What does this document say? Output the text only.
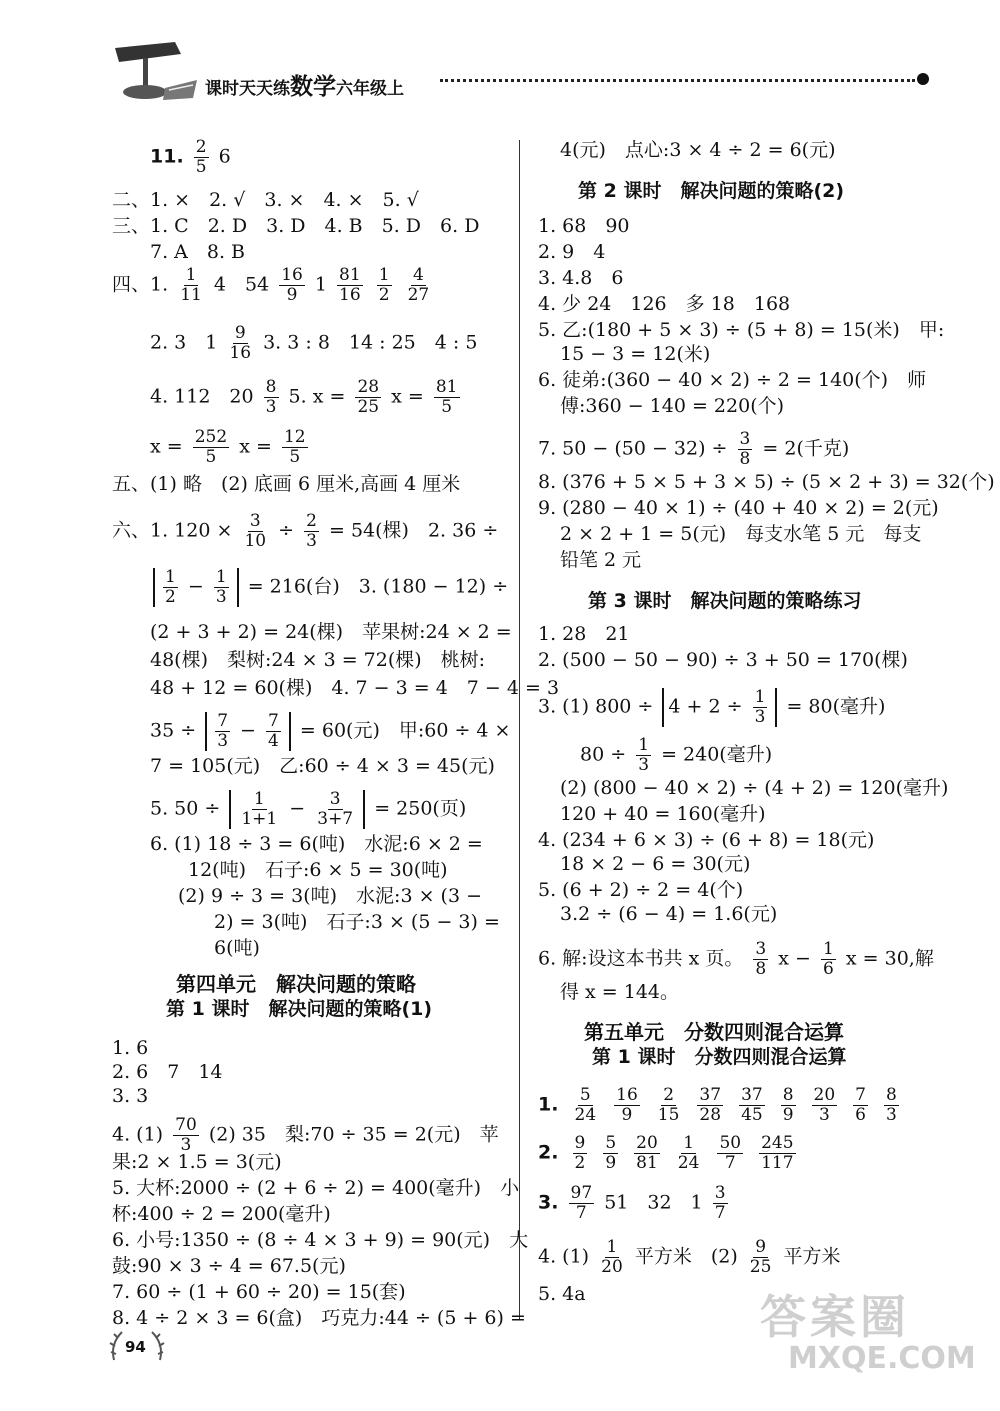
课时天天练数学六年级上
11. $\frac{2}{5} 6$
二、1. ×　2. √　3. ×　4. ×　5. √
三、1. C　2. D　3. D　4. B　5. D　6. D
7. A　8. B
四、1. $\frac{1}{11} 4$　$54 \frac{16}{9} 1 \frac{81}{16}$
$\frac{1}{2}$
$\frac{4}{27}$
2. 3　$1 \frac{9}{16} 3$. 3 : 8　14 : 25　4 : 5
4. 112　$20 \frac{8}{3} 5$. $x = \frac{28}{25}$ $x = \frac{81}{5}$
$x = \frac{252}{5}$ $x = \frac{12}{5}$
五、(1) 略　(2) 底画 6 厘米,高画 4 厘米
六、1. $120 \times \frac{3}{10} \div \frac{2}{3} = 54$(棵)　2. 36 ÷
$\frac{1}{2} - \frac{1}{3} = 216$(台)　3. (180 − 12) ÷
(2 + 3 + 2) = 24(棵)　苹果树:24 × 2 =
48(棵)　梨树:24 × 3 = 72(棵)　桃树:
48 + 12 = 60(棵)　4. 7 − 3 = 4　7 − 4 = 3
$35 \div \frac{7}{3} - \frac{7}{4} = 60$(元)　甲:60 ÷ 4 ×
7 = 105(元)　乙:60 ÷ 4 × 3 = 45(元)
5. $50 \div \frac{1}{1+1} - \frac{3}{3+7} = 250$(页)
6. (1) 18 ÷ 3 = 6(吨)　水泥:6 × 2 =
12(吨)　石子:6 × 5 = 30(吨)
(2) 9 ÷ 3 = 3(吨)　水泥:3 × (3 −
2) = 3(吨)　石子:3 × (5 − 3) =
6(吨)
第四单元　解决问题的策略
第 1 课时　解决问题的策略(1)
1. 6
2. 6　7　14
3. 3
4. $(1) \frac{70}{3} (2)$ 35　梨:70 ÷ 35 = 2(元)　苹
果:2 × 1.5 = 3(元)
5. 大杯:2000 ÷ (2 + 6 ÷ 2) = 400(毫升)　小
杯:400 ÷ 2 = 200(毫升)
6. 小号:1350 ÷ (8 ÷ 4 × 3 + 9) = 90(元)　大
鼓:90 × 3 ÷ 4 = 67.5(元)
7. 60 ÷ (1 + 60 ÷ 20) = 15(套)
8. 4 ÷ 2 × 3 = 6(盒)　巧克力:44 ÷ (5 + 6) =
4(元)　点心:3 × 4 ÷ 2 = 6(元)
第 2 课时　解决问题的策略(2)
1. 68　90
2. 9　4
3. 4.8　6
4. 少 24　126　多 18　168
5. 乙:(180 + 5 × 3) ÷ (5 + 8) = 15(米)　甲:
15 − 3 = 12(米)
6. 徒弟:(360 − 40 × 2) ÷ 2 = 140(个)　师
傅:360 − 140 = 220(个)
7. $50 - (50 - 32) \div \frac{3}{8} = 2$(千克)
8. (376 + 5 × 5 + 3 × 5) ÷ (5 × 2 + 3) = 32(个)
9. (280 − 40 × 1) ÷ (40 + 40 × 2) = 2(元)
2 × 2 + 1 = 5(元)　每支水笔 5 元　每支
铅笔 2 元
第 3 课时　解决问题的策略练习
1. 28　21
2. (500 − 50 − 90) ÷ 3 + 50 = 170(棵)
3. (1) $800 \div 4 + 2 \div \frac{1}{3} = 80$(毫升)
$80 \div \frac{1}{3} = 240$(毫升)
(2) (800 − 40 × 2) ÷ (4 + 2) = 120(毫升)
120 + 40 = 160(毫升)
4. (234 + 6 × 3) ÷ (6 + 8) = 18(元)
18 × 2 − 6 = 30(元)
5. (6 + 2) ÷ 2 = 4(个)
3.2 ÷ (6 − 4) = 1.6(元)
6. 解:设这本书共 x 页。 $\frac{3}{8}$ $x - \frac{1}{6}$ x = 30,解
得 x = 144。
第五单元　分数四则混合运算
第 1 课时　分数四则混合运算
1. $\frac{5}{24} \frac{16}{9} \frac{2}{15} \frac{37}{28} \frac{37}{45} \frac{8}{9} \frac{20}{3} \frac{7}{6} \frac{8}{3}$
2. $\frac{9}{2} \frac{5}{9} \frac{20}{81} \frac{1}{24} \frac{50}{7} \frac{245}{117}$
3. $\frac{97}{7} 51$　32　$1 \frac{3}{7}$
4. $(1) \frac{1}{20}$ 平方米　$(2) \frac{9}{25}$ 平方米
5. 4a
94
答案圈
MXQE.COM
